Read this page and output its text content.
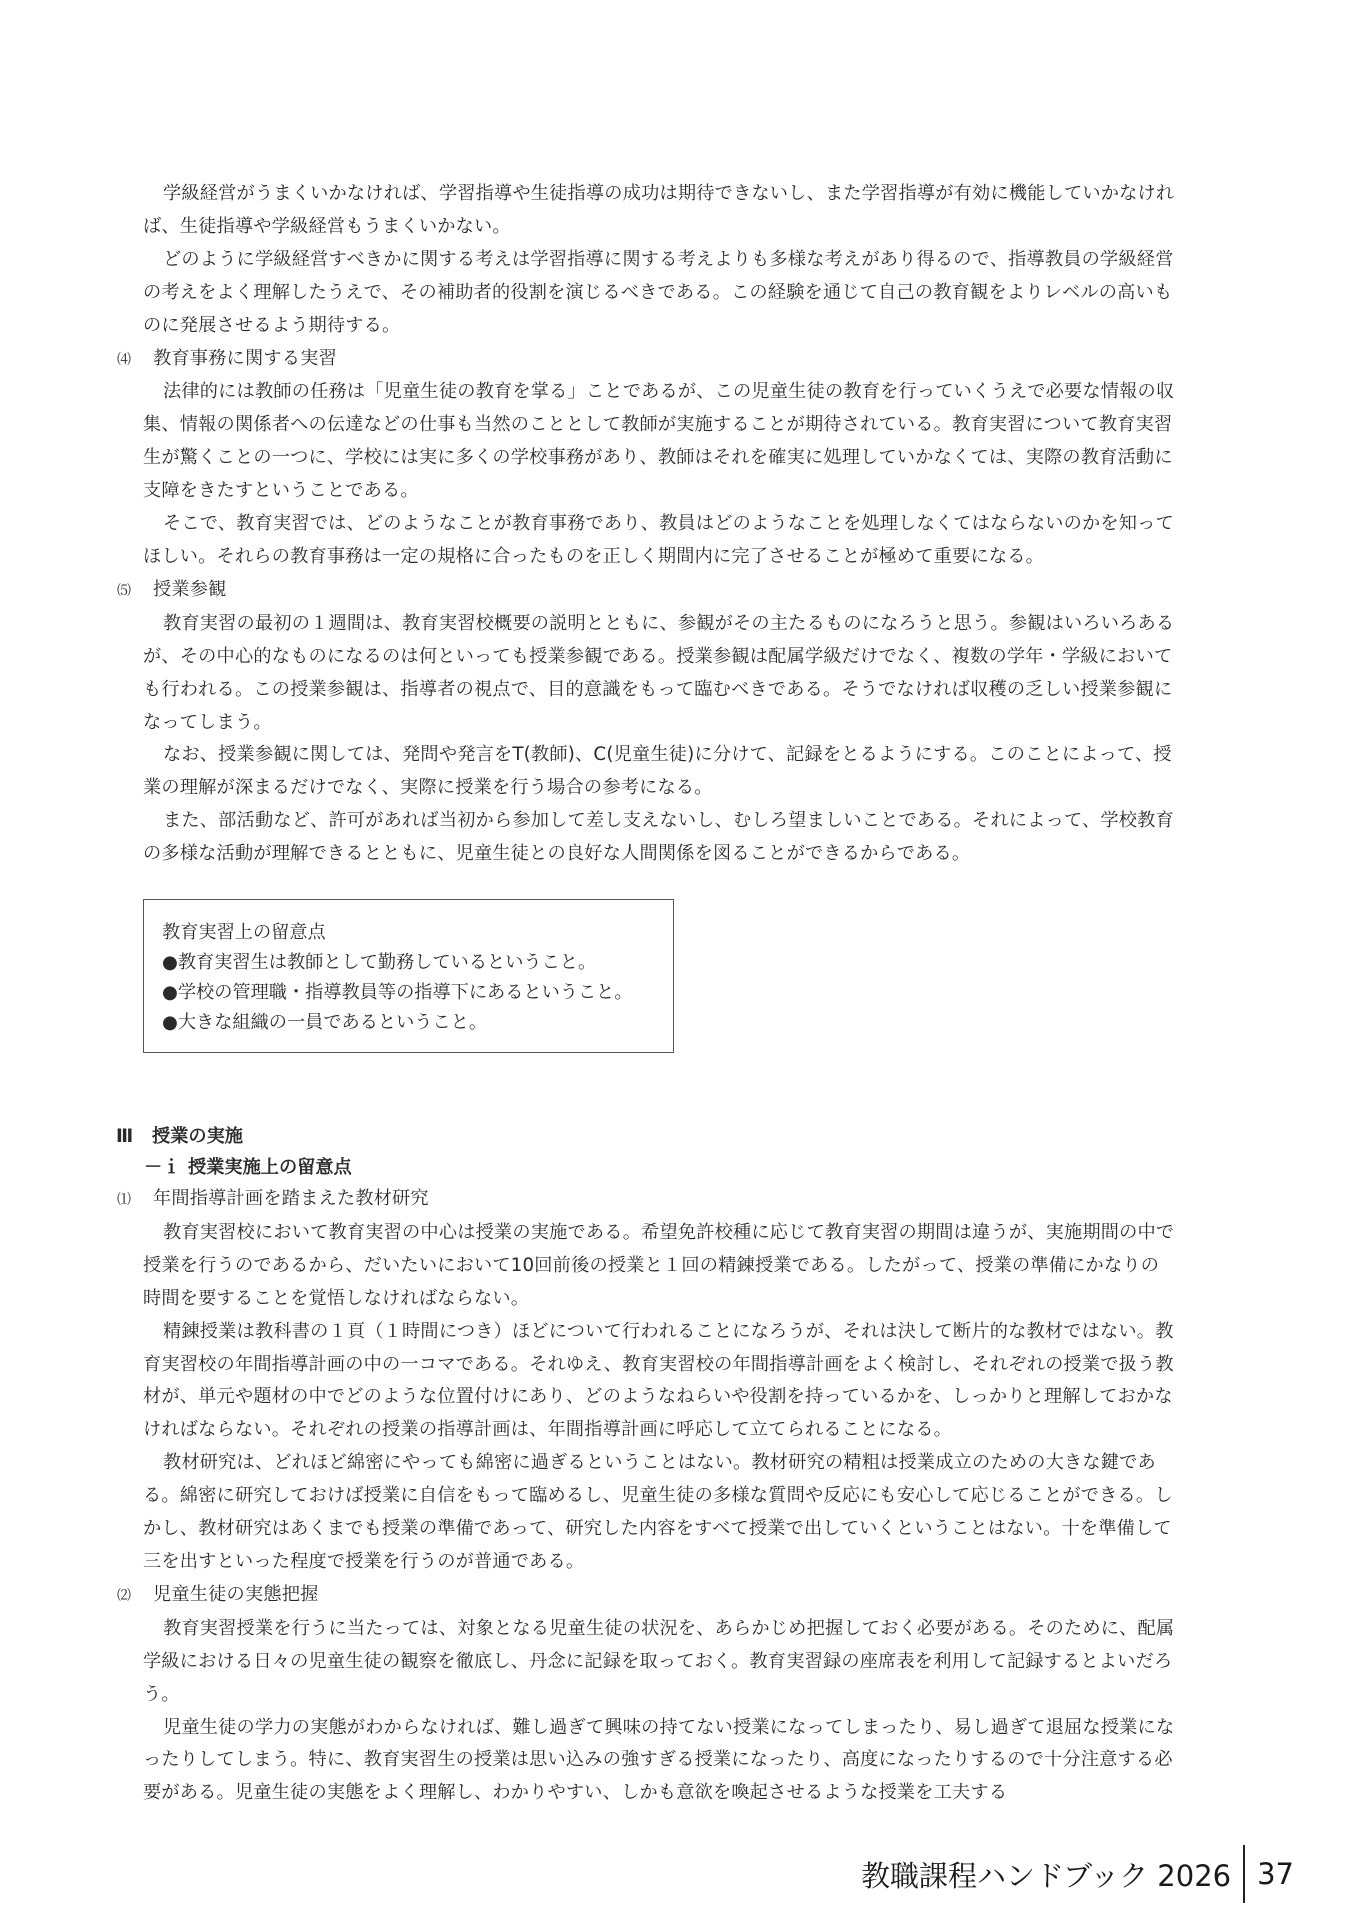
学級経営がうまくいかなければ、学習指導や生徒指導の成功は期待できないし、また学習指導が有効に機能していかなければ、生徒指導や学級経営もうまくいかない。

どのように学級経営すべきかに関する考えは学習指導に関する考えよりも多様な考えがあり得るので、指導教員の学級経営の考えをよく理解したうえで、その補助者的役割を演じるべきである。この経験を通じて自己の教育観をよりレベルの高いものに発展させるよう期待する。

⑷ 教育事務に関する実習

法律的には教師の任務は「児童生徒の教育を掌る」ことであるが、この児童生徒の教育を行っていくうえで必要な情報の収集、情報の関係者への伝達などの仕事も当然のこととして教師が実施することが期待されている。教育実習について教育実習生が驚くことの一つに、学校には実に多くの学校事務があり、教師はそれを確実に処理していかなくては、実際の教育活動に支障をきたすということである。

そこで、教育実習では、どのようなことが教育事務であり、教員はどのようなことを処理しなくてはならないのかを知ってほしい。それらの教育事務は一定の規格に合ったものを正しく期間内に完了させることが極めて重要になる。

⑸ 授業参観

教育実習の最初の１週間は、教育実習校概要の説明とともに、参観がその主たるものになろうと思う。参観はいろいろあるが、その中心的なものになるのは何といっても授業参観である。授業参観は配属学級だけでなく、複数の学年・学級においても行われる。この授業参観は、指導者の視点で、目的意識をもって臨むべきである。そうでなければ収穫の乏しい授業参観になってしまう。

なお、授業参観に関しては、発問や発言をT(教師)、C(児童生徒)に分けて、記録をとるようにする。このことによって、授業の理解が深まるだけでなく、実際に授業を行う場合の参考になる。

また、部活動など、許可があれば当初から参加して差し支えないし、むしろ望ましいことである。それによって、学校教育の多様な活動が理解できるとともに、児童生徒との良好な人間関係を図ることができるからである。

教育実習上の留意点
●教育実習生は教師として勤務しているということ。
●学校の管理職・指導教員等の指導下にあるということ。
●大きな組織の一員であるということ。
Ⅲ 授業の実施
－ｉ 授業実施上の留意点

⑴ 年間指導計画を踏まえた教材研究

教育実習校において教育実習の中心は授業の実施である。希望免許校種に応じて教育実習の期間は違うが、実施期間の中で授業を行うのであるから、だいたいにおいて10回前後の授業と１回の精錬授業である。したがって、授業の準備にかなりの時間を要することを覚悟しなければならない。

精錬授業は教科書の１頁（１時間につき）ほどについて行われることになろうが、それは決して断片的な教材ではない。教育実習校の年間指導計画の中の一コマである。それゆえ、教育実習校の年間指導計画をよく検討し、それぞれの授業で扱う教材が、単元や題材の中でどのような位置付けにあり、どのようなねらいや役割を持っているかを、しっかりと理解しておかなければならない。それぞれの授業の指導計画は、年間指導計画に呼応して立てられることになる。

教材研究は、どれほど綿密にやっても綿密に過ぎるということはない。教材研究の精粗は授業成立のための大きな鍵である。綿密に研究しておけば授業に自信をもって臨めるし、児童生徒の多様な質問や反応にも安心して応じることができる。しかし、教材研究はあくまでも授業の準備であって、研究した内容をすべて授業で出していくということはない。十を準備して三を出すといった程度で授業を行うのが普通である。

⑵ 児童生徒の実態把握

教育実習授業を行うに当たっては、対象となる児童生徒の状況を、あらかじめ把握しておく必要がある。そのために、配属学級における日々の児童生徒の観察を徹底し、丹念に記録を取っておく。教育実習録の座席表を利用して記録するとよいだろう。

児童生徒の学力の実態がわからなければ、難し過ぎて興味の持てない授業になってしまったり、易し過ぎて退屈な授業になったりしてしまう。特に、教育実習生の授業は思い込みの強すぎる授業になったり、高度になったりするので十分注意する必要がある。児童生徒の実態をよく理解し、わかりやすい、しかも意欲を喚起させるような授業を工夫する

教職課程ハンドブック 2026 37
